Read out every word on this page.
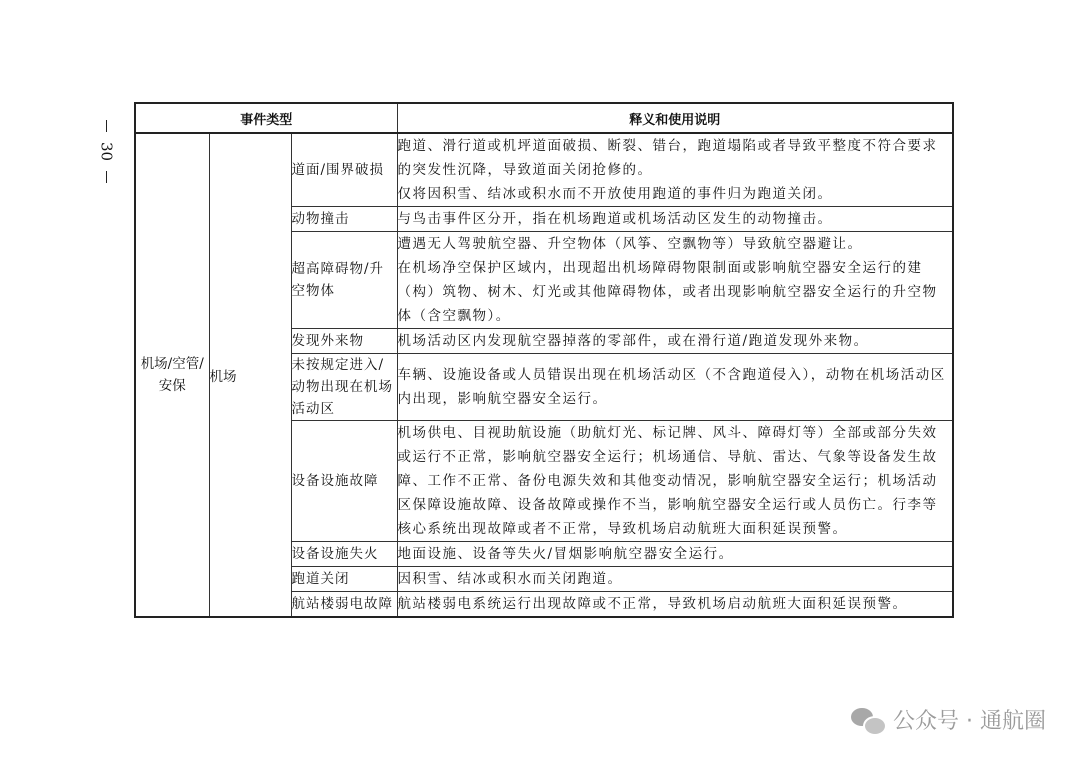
30
事件类型			释义和使用说明
机场/空管/安保	机场	道面/围界破损	跑道、滑行道或机坪道面破损、断裂、错台，跑道塌陷或者导致平整度不符合要求的突发性沉降，导致道面关闭抢修的。
仅将因积雪、结冰或积水而不开放使用跑道的事件归为跑道关闭。

		动物撞击	与鸟击事件区分开，指在机场跑道或机场活动区发生的动物撞击。

		超高障碍物/升空物体	遭遇无人驾驶航空器、升空物体（风筝、空飘物等）导致航空器避让。
在机场净空保护区域内，出现超出机场障碍物限制面或影响航空器安全运行的建（构）筑物、树木、灯光或其他障碍物体，或者出现影响航空器安全运行的升空物体（含空飘物）。

		发现外来物	机场活动区内发现航空器掉落的零部件，或在滑行道/跑道发现外来物。

		未按规定进入/动物出现在机场活动区	车辆、设施设备或人员错误出现在机场活动区（不含跑道侵入），动物在机场活动区内出现，影响航空器安全运行。

		设备设施故障	机场供电、目视助航设施（助航灯光、标记牌、风斗、障碍灯等）全部或部分失效或运行不正常，影响航空器安全运行；机场通信、导航、雷达、气象等设备发生故障、工作不正常、备份电源失效和其他变动情况，影响航空器安全运行；机场活动区保障设施故障、设备故障或操作不当，影响航空器安全运行或人员伤亡。行李等核心系统出现故障或者不正常，导致机场启动航班大面积延误预警。

		设备设施失火	地面设施、设备等失火/冒烟影响航空器安全运行。

		跑道关闭	因积雪、结冰或积水而关闭跑道。

		航站楼弱电故障	航站楼弱电系统运行出现故障或不正常，导致机场启动航班大面积延误预警。
公众号 · 通航圈
